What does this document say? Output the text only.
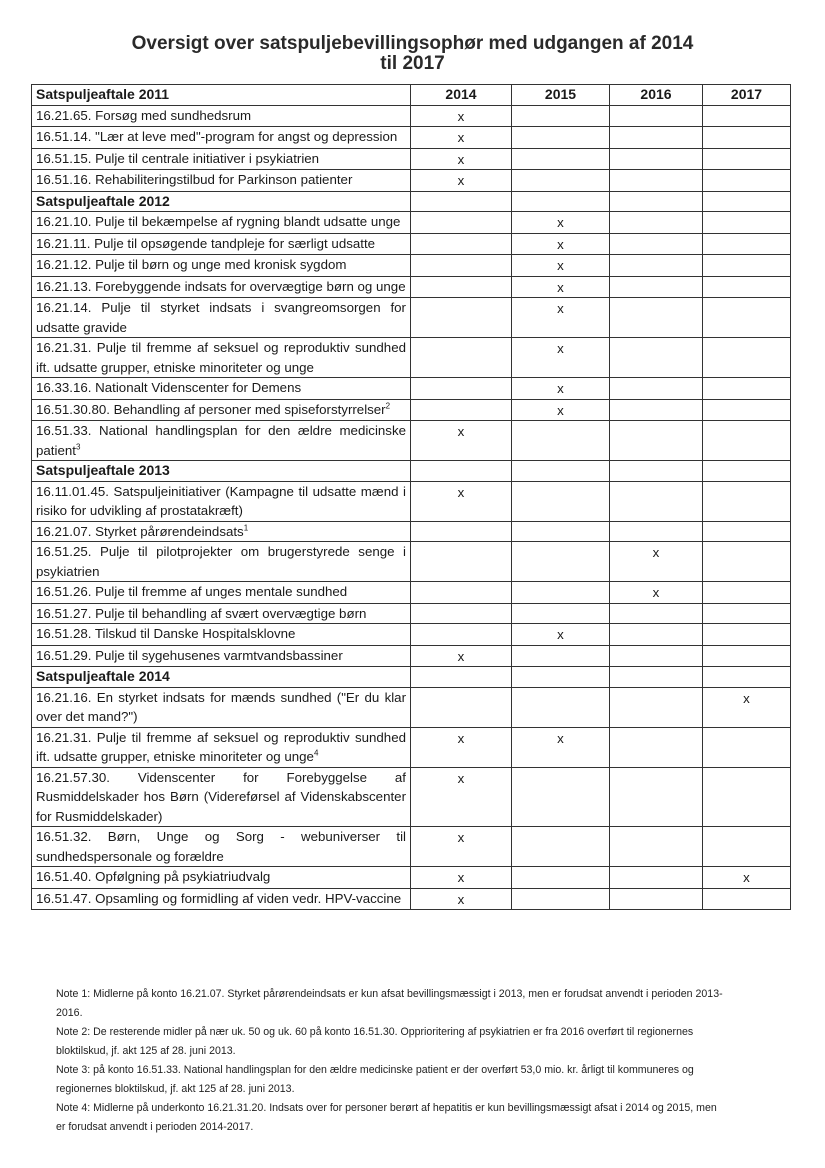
Oversigt over satspuljebevillingsophør med udgangen af 2014
til 2017
Satspuljeaftale 2011	2014	2015	2016	2017
16.21.65. Forsøg med sundhedsrum	x			
16.51.14. "Lær at leve med"-program for angst og depression	x			
16.51.15. Pulje til centrale initiativer i psykiatrien	x			
16.51.16. Rehabiliteringstilbud for Parkinson patienter	x			
Satspuljeaftale 2012				
16.21.10. Pulje til bekæmpelse af rygning blandt udsatte unge		x		
16.21.11. Pulje til opsøgende tandpleje for særligt udsatte		x		
16.21.12. Pulje til børn og unge med kronisk sygdom		x		
16.21.13. Forebyggende indsats for overvægtige børn og unge		x		
16.21.14. Pulje til styrket indsats i svangreomsorgen for udsatte gravide		x		
16.21.31. Pulje til fremme af seksuel og reproduktiv sundhed ift. udsatte grupper, etniske minoriteter og unge		x		
16.33.16. Nationalt Videnscenter for Demens		x		
16.51.30.80. Behandling af personer med spiseforstyrrelser$^2$		x		
16.51.33. National handlingsplan for den ældre medicinske patient$^3$	x			
Satspuljeaftale 2013				
16.11.01.45. Satspuljeinitiativer (Kampagne til udsatte mænd i risiko for udvikling af prostatakræft)	x			
16.21.07. Styrket pårørendeindsats$^1$				
16.51.25. Pulje til pilotprojekter om brugerstyrede senge i psykiatrien			x	
16.51.26. Pulje til fremme af unges mentale sundhed			x	
16.51.27. Pulje til behandling af svært overvægtige børn				
16.51.28. Tilskud til Danske Hospitalsklovne		x		
16.51.29. Pulje til sygehusenes varmtvandsbassiner	x			
Satspuljeaftale 2014				
16.21.16. En styrket indsats for mænds sundhed ("Er du klar over det mand?")				x
16.21.31. Pulje til fremme af seksuel og reproduktiv sundhed ift. udsatte grupper, etniske minoriteter og unge$^4$	x	x		
16.21.57.30. Videnscenter for Forebyggelse af Rusmiddelskader hos Børn (Videreførsel af Videnskabscenter for Rusmiddelskader)	x			
16.51.32. Børn, Unge og Sorg - webuniverser til sundhedspersonale og forældre	x			
16.51.40. Opfølgning på psykiatriudvalg	x			x
16.51.47. Opsamling og formidling af viden vedr. HPV-vaccine	x			
Note 1: Midlerne på konto 16.21.07. Styrket pårørendeindsats er kun afsat bevillingsmæssigt i 2013, men er forudsat anvendt i perioden 2013-2016.
Note 2: De resterende midler på nær uk. 50 og uk. 60 på konto 16.51.30. Opprioritering af psykiatrien er fra 2016 overført til regionernes bloktilskud, jf. akt 125 af 28. juni 2013.
Note 3: på konto 16.51.33. National handlingsplan for den ældre medicinske patient er der overført 53,0 mio. kr. årligt til kommuneres og regionernes bloktilskud, jf. akt 125 af 28. juni 2013.
Note 4: Midlerne på underkonto 16.21.31.20. Indsats over for personer berørt af hepatitis er kun bevillingsmæssigt afsat i 2014 og 2015, men er forudsat anvendt i perioden 2014-2017.
